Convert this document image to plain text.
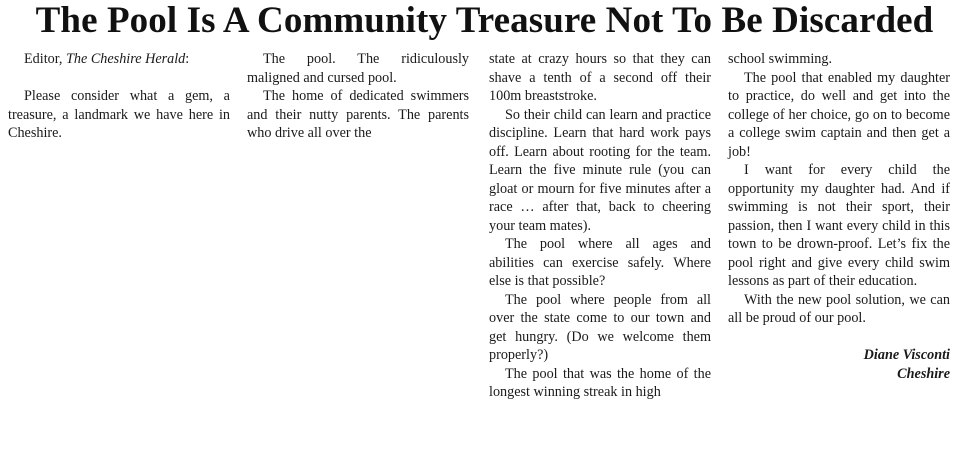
The Pool Is A Community Treasure Not To Be Discarded

Editor, The Cheshire Herald:

Please consider what a gem, a treasure, a landmark we have here in Cheshire.

The pool. The ridiculously maligned and cursed pool.

The home of dedicated swimmers and their nutty parents. The parents who drive all over the

state at crazy hours so that they can shave a tenth of a second off their 100m breaststroke.

So their child can learn and practice discipline. Learn that hard work pays off. Learn about rooting for the team. Learn the five minute rule (you can gloat or mourn for five minutes after a race … after that, back to cheering your team mates).

The pool where all ages and abilities can exercise safely. Where else is that possible?

The pool where people from all over the state come to our town and get hungry. (Do we welcome them properly?)

The pool that was the home of the longest winning streak in high

school swimming.

The pool that enabled my daughter to practice, do well and get into the college of her choice, go on to become a college swim captain and then get a job!

I want for every child the opportunity my daughter had. And if swimming is not their sport, their passion, then I want every child in this town to be drown-proof. Let’s fix the pool right and give every child swim lessons as part of their education.

With the new pool solution, we can all be proud of our pool.

Diane Visconti

Cheshire
